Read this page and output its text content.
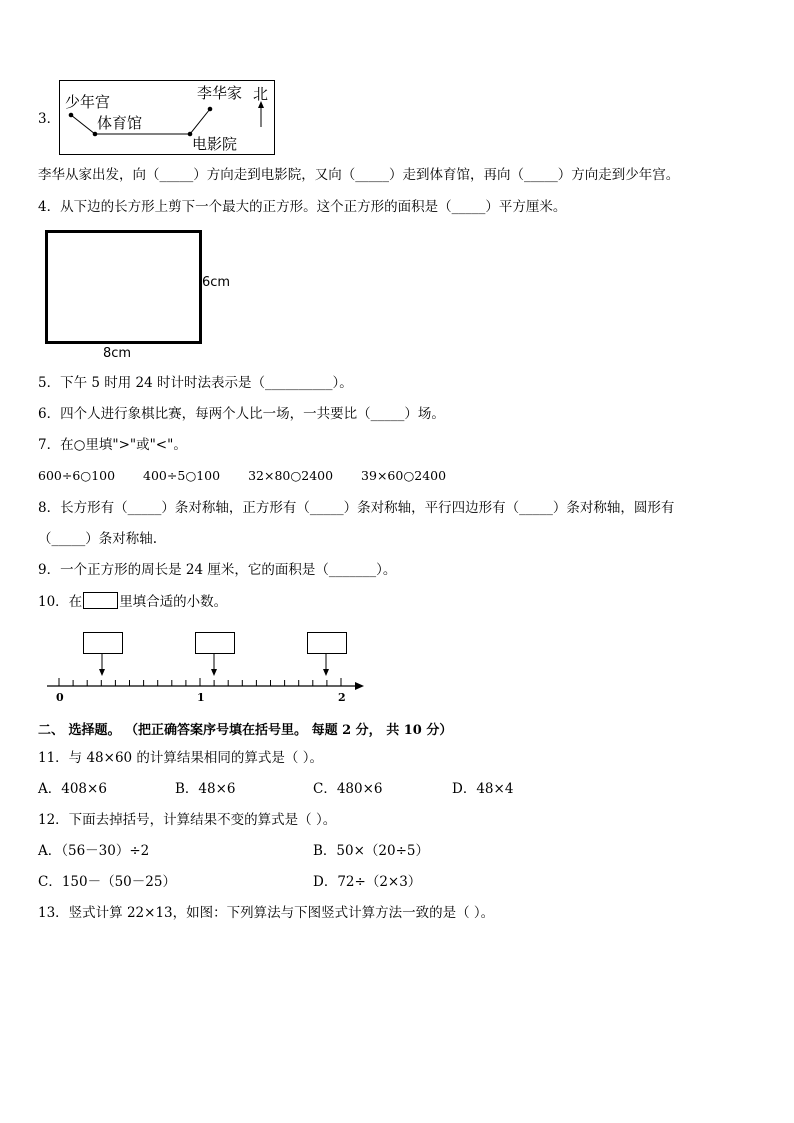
3．
少年宫
体育馆
李华家 北
电影院
李华从家出发，向（_____）方向走到电影院，又向（_____）走到体育馆，再向（_____）方向走到少年宫。
4．从下边的长方形上剪下一个最大的正方形。这个正方形的面积是（_____）平方厘米。
6cm
8cm
5．下午 5 时用 24 时计时法表示是（__________）。
6．四个人进行象棋比赛，每两个人比一场，一共要比（_____）场。
7．在○里填">"或"<"。
600÷6○100 400÷5○100 32×80○2400 39×60○2400
8．长方形有（_____）条对称轴，正方形有（_____）条对称轴，平行四边形有（_____）条对称轴，圆形有
（_____）条对称轴.
9．一个正方形的周长是 24 厘米，它的面积是（_______）。
10．在	里填合适的小数。
0	1	2
二、 选择题。 （把正确答案序号填在括号里。 每题 2 分， 共 10 分）
11．与 48×60 的计算结果相同的算式是（ ）。
A．408×6	B．48×6	C．480×6	D．48×4
12．下面去掉括号，计算结果不变的算式是（ ）。
A．（56－30）÷2	B．50×（20÷5）
C．150－（50－25）	D．72÷（2×3）
13．竖式计算 22×13，如图：下列算法与下图竖式计算方法一致的是（ ）。
